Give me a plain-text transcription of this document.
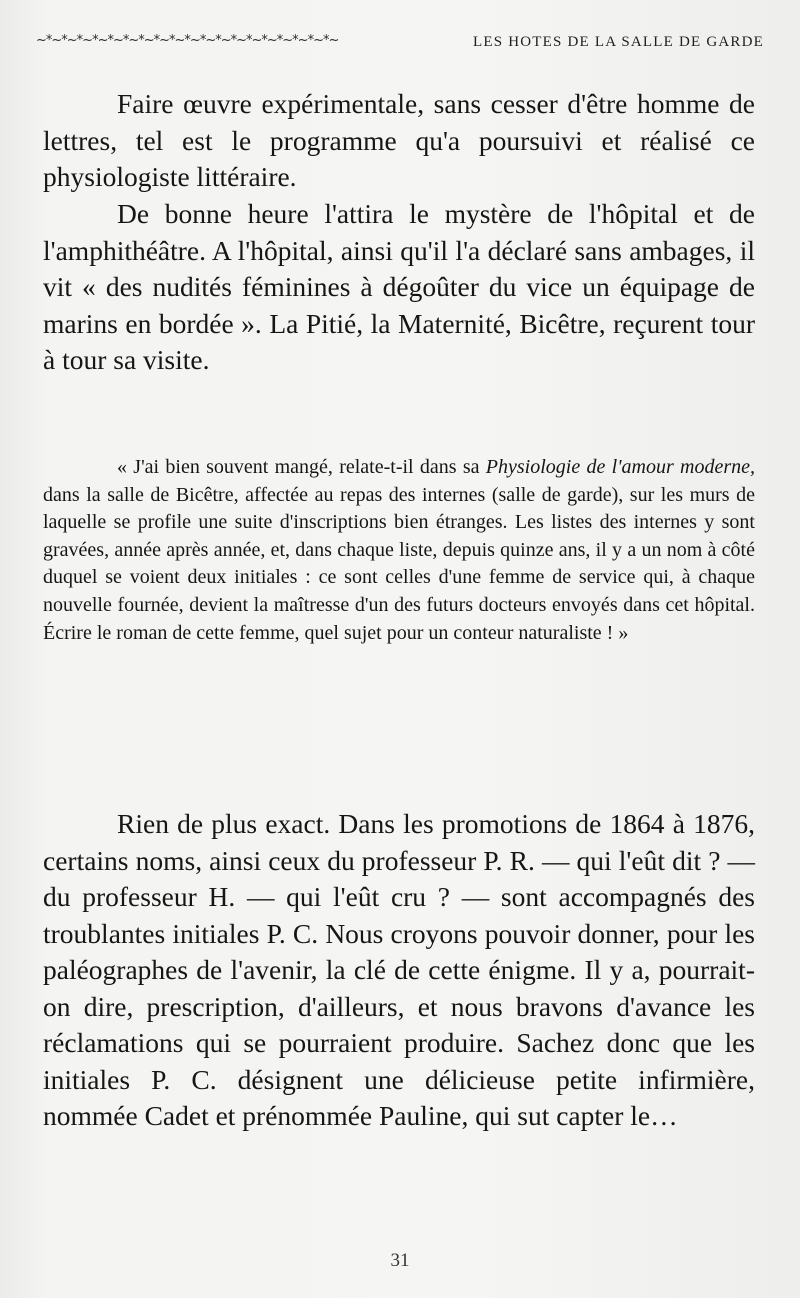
~*~*~*~*~*~*~*~*~*~*~*~*~*~*~*~*~*~*~*~	LES HOTES DE LA SALLE DE GARDE

Faire œuvre expérimentale, sans cesser d'être homme de lettres, tel est le programme qu'a poursuivi et réalisé ce physiologiste littéraire.

De bonne heure l'attira le mystère de l'hôpital et de l'amphithéâtre. A l'hôpital, ainsi qu'il l'a déclaré sans ambages, il vit « des nudités féminines à dégoûter du vice un équipage de marins en bordée ». La Pitié, la Maternité, Bicêtre, reçurent tour à tour sa visite.

« J'ai bien souvent mangé, relate-t-il dans sa Physiologie de l'amour moderne, dans la salle de Bicêtre, affectée au repas des internes (salle de garde), sur les murs de laquelle se profile une suite d'inscriptions bien étranges. Les listes des internes y sont gravées, année après année, et, dans chaque liste, depuis quinze ans, il y a un nom à côté duquel se voient deux initiales : ce sont celles d'une femme de service qui, à chaque nouvelle fournée, devient la maîtresse d'un des futurs docteurs envoyés dans cet hôpital. Écrire le roman de cette femme, quel sujet pour un conteur naturaliste ! »

Rien de plus exact. Dans les promotions de 1864 à 1876, certains noms, ainsi ceux du professeur P. R. — qui l'eût dit ? — du professeur H. — qui l'eût cru ? — sont accompagnés des troublantes initiales P. C. Nous croyons pouvoir donner, pour les paléographes de l'avenir, la clé de cette énigme. Il y a, pourrait-on dire, prescription, d'ailleurs, et nous bravons d'avance les réclamations qui se pourraient produire. Sachez donc que les initiales P. C. désignent une délicieuse petite infirmière, nommée Cadet et prénommée Pauline, qui sut capter le…

31
